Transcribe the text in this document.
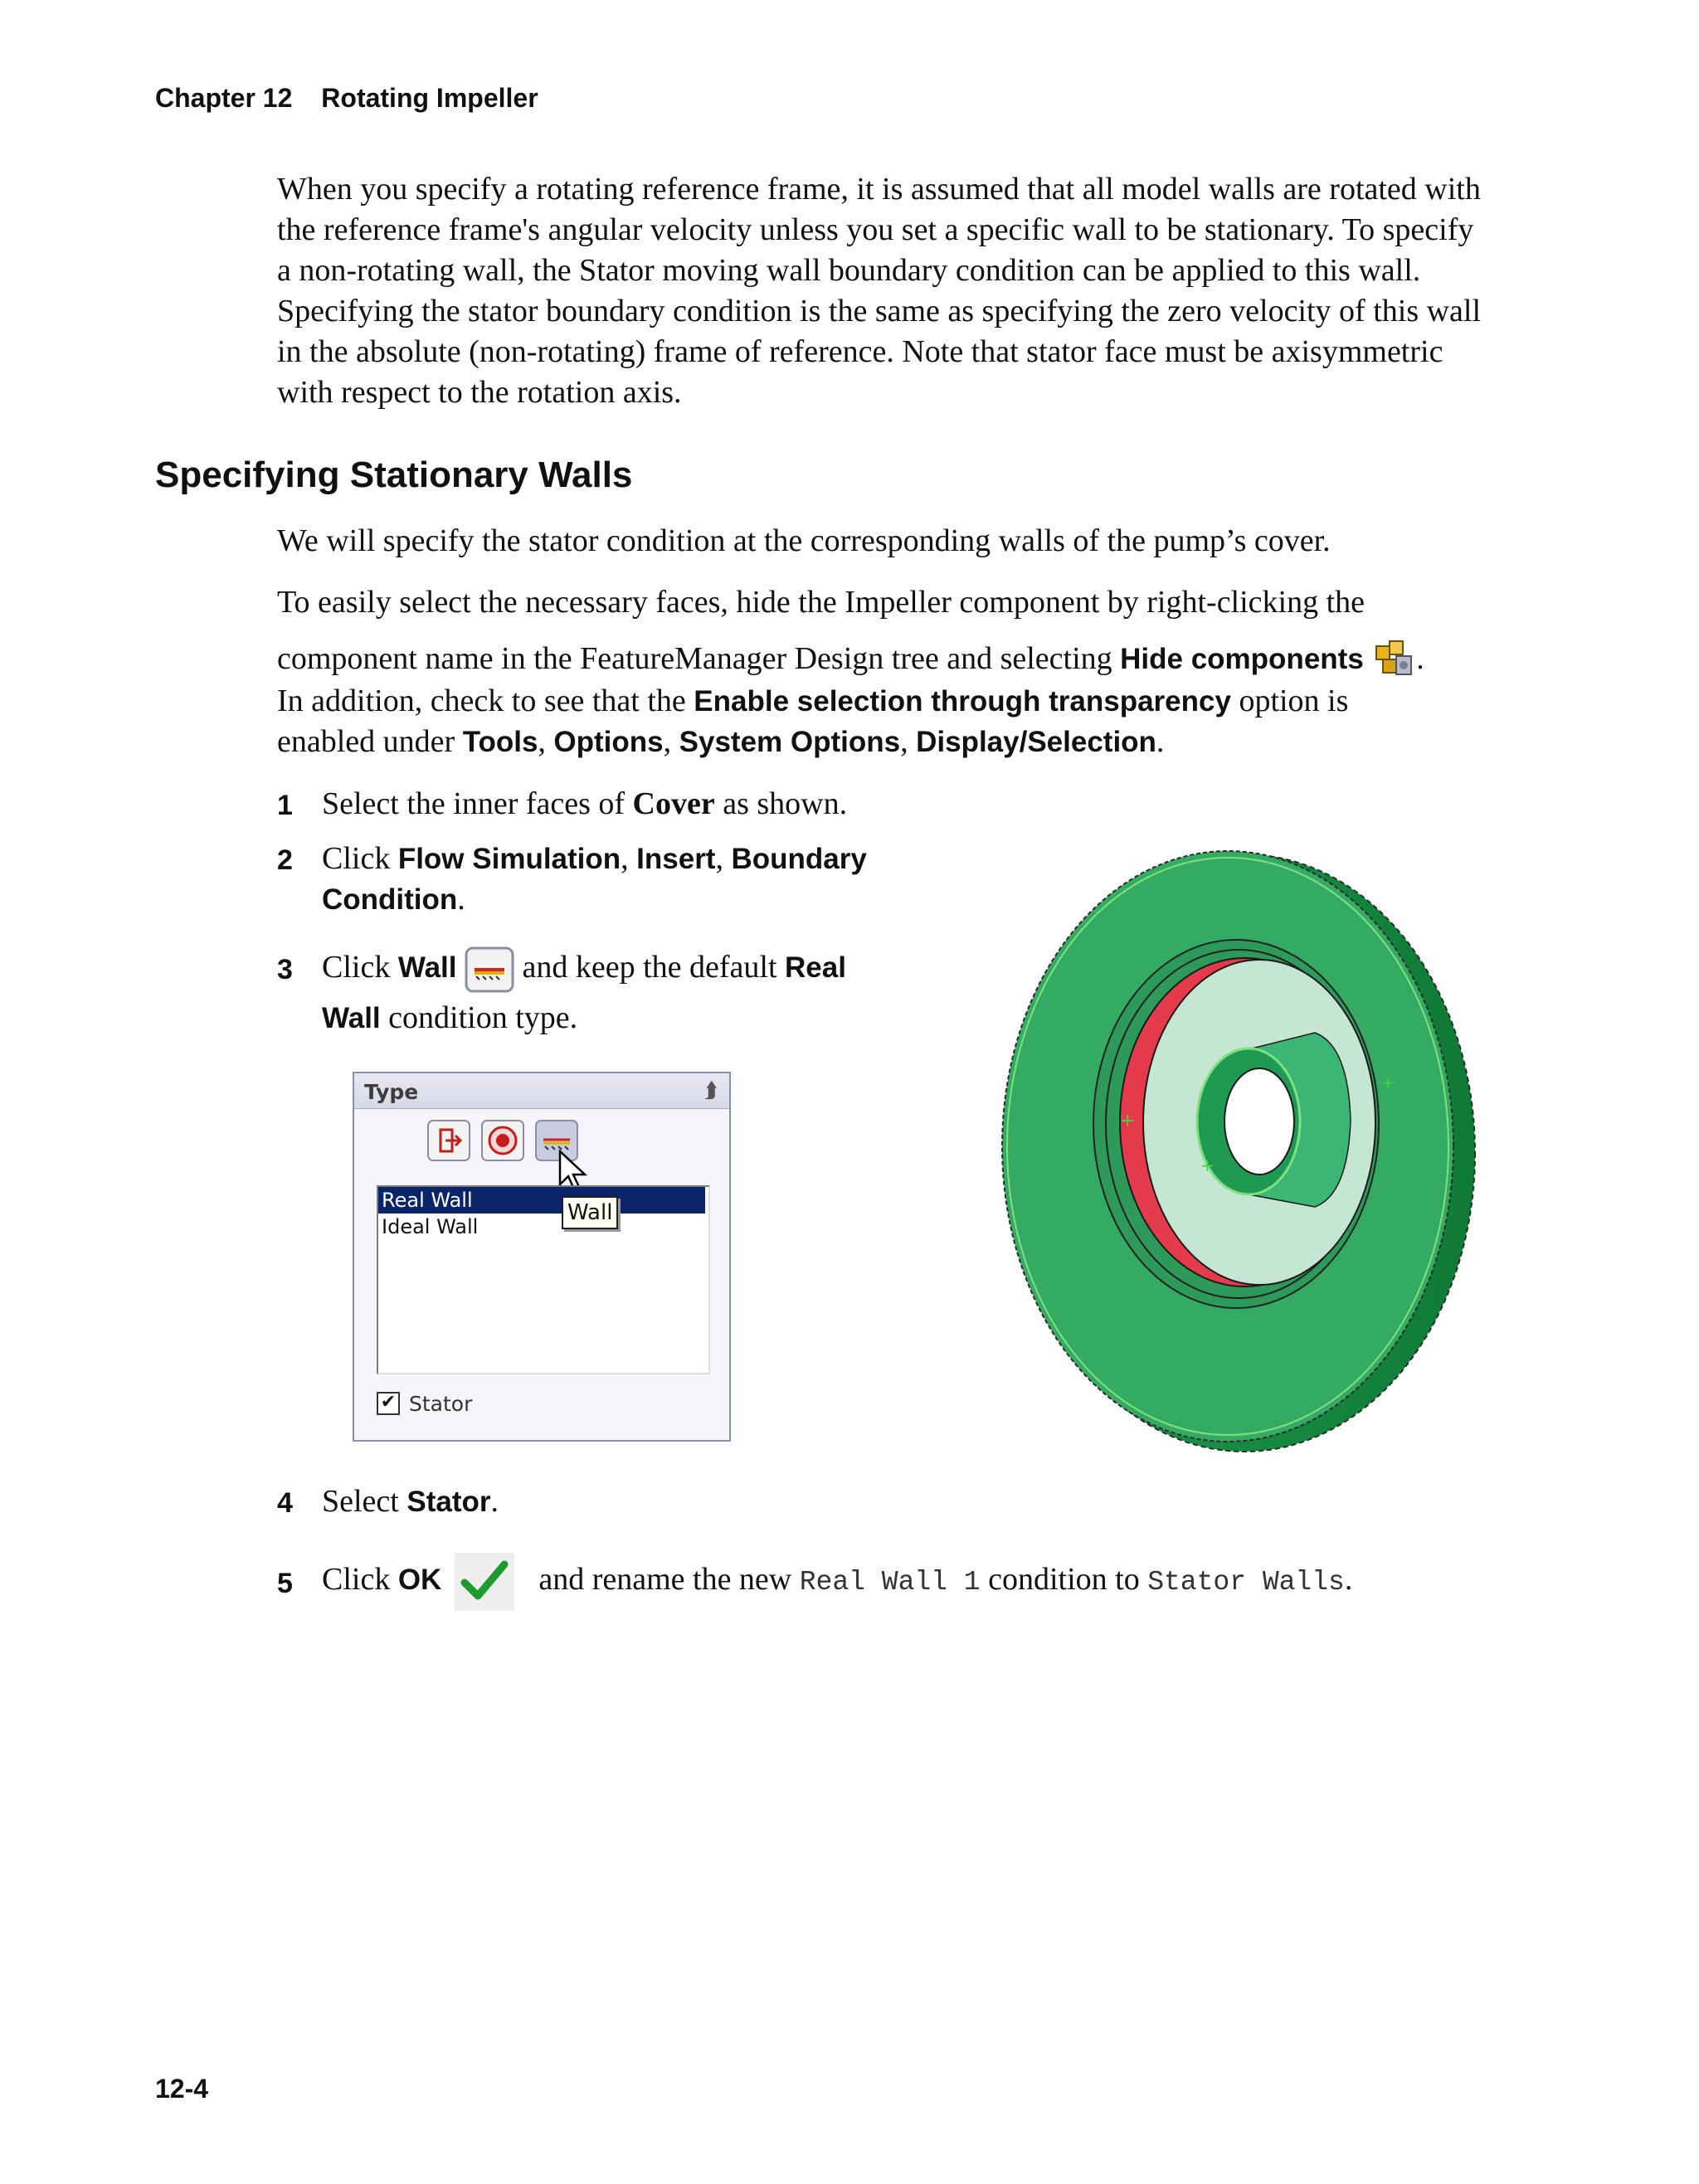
Chapter 12 Rotating Impeller
When you specify a rotating reference frame, it is assumed that all model walls are rotated with the reference frame's angular velocity unless you set a specific wall to be stationary. To specify a non-rotating wall, the Stator moving wall boundary condition can be applied to this wall. Specifying the stator boundary condition is the same as specifying the zero velocity of this wall in the absolute (non-rotating) frame of reference. Note that stator face must be axisymmetric with respect to the rotation axis.
Specifying Stationary Walls
We will specify the stator condition at the corresponding walls of the pump’s cover.
To easily select the necessary faces, hide the Impeller component by right-clicking the
component name in the FeatureManager Design tree and selecting
Hide components
.
In addition, check to see that the Enable selection through transparency option is
enabled under Tools, Options, System Options, Display/Selection.
1 Select the inner faces of Cover as shown.
2 Click Flow Simulation, Insert, Boundary
Condition.
3 Click Wall and keep the default Real
Wall condition type.
Type	⮭
Real Wall
Ideal Wall
Wall
✔ Stator
+
+
+
4 Select Stator.
5 Click OK	and rename the new Real Wall 1 condition to Stator Walls.
12-4
